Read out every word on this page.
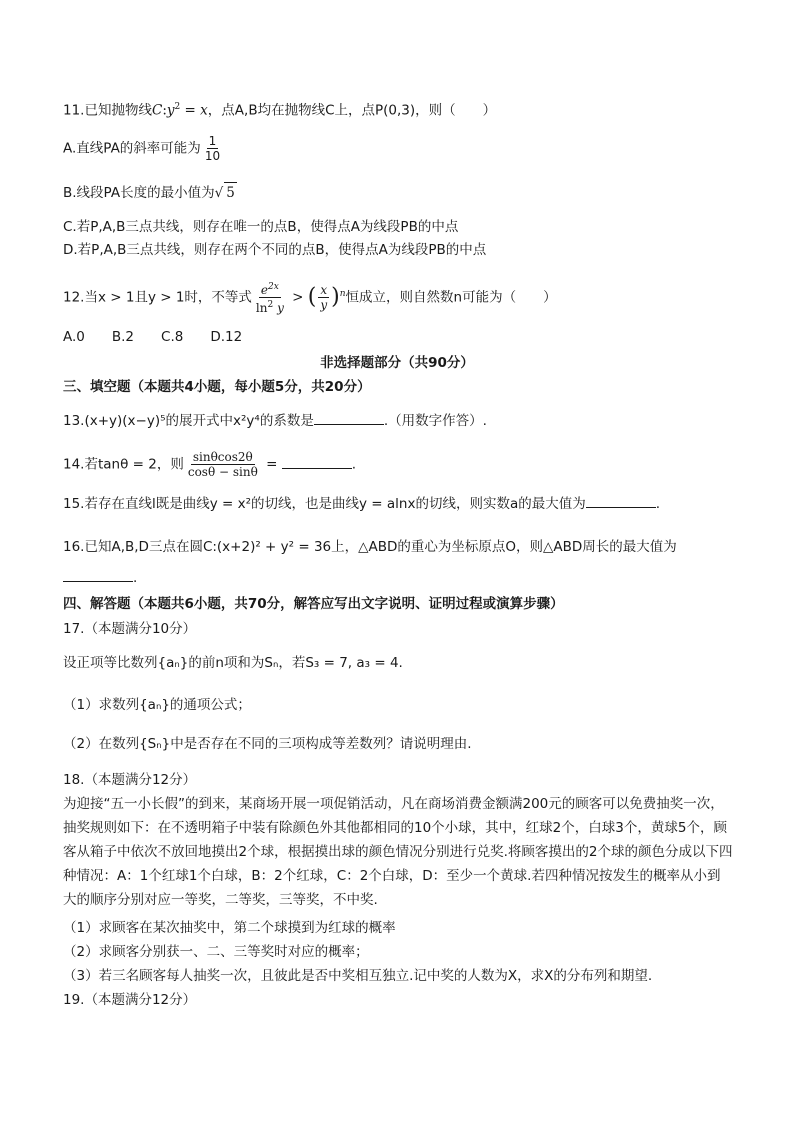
11.已知抛物线$C:y^2 = x$，点A,B均在抛物线C上，点P(0,3)，则（　　）
A.直线PA的斜率可能为 $\frac{1}{10}$
B.线段PA长度的最小值为√ 5
C.若P,A,B三点共线，则存在唯一的点B，使得点A为线段PB的中点
D.若P,A,B三点共线，则存在两个不同的点B，使得点A为线段PB的中点
12.当x > 1且y > 1时，不等式 $\frac{e^{2x}}{\ln^2 y}$ > ( $\frac{x}{y} )^n$恒成立，则自然数n可能为（　　）
A.0　　B.2　　C.8　　D.12
非选择题部分（共90分）
三、填空题（本题共4小题，每小题5分，共20分）
13.(x+y)(x−y)⁵的展开式中x²y⁴的系数是	.（用数字作答）.
14.若tanθ = 2，则 $\frac{\sin\theta\cos 2\theta}{\cos\theta - \sin\theta}$ =	.
15.若存在直线l既是曲线y = x²的切线，也是曲线y = alnx的切线，则实数a的最大值为	.
16.已知A,B,D三点在圆C:(x+2)² + y² = 36上，△ABD的重心为坐标原点O，则△ABD周长的最大值为
.
四、解答题（本题共6小题，共70分，解答应写出文字说明、证明过程或演算步骤）
17.（本题满分10分）
设正项等比数列{aₙ}的前n项和为Sₙ，若S₃ = 7, a₃ = 4.
（1）求数列{aₙ}的通项公式；
（2）在数列{Sₙ}中是否存在不同的三项构成等差数列？请说明理由.
18.（本题满分12分）
为迎接“五一小长假”的到来，某商场开展一项促销活动，凡在商场消费金额满200元的顾客可以免费抽奖一次，抽奖规则如下：在不透明箱子中装有除颜色外其他都相同的10个小球，其中，红球2个，白球3个，黄球5个，顾客从箱子中依次不放回地摸出2个球，根据摸出球的颜色情况分别进行兑奖.将顾客摸出的2个球的颜色分成以下四种情况：A：1个红球1个白球，B：2个红球，C：2个白球，D：至少一个黄球.若四种情况按发生的概率从小到大的顺序分别对应一等奖，二等奖，三等奖，不中奖.
（1）求顾客在某次抽奖中，第二个球摸到为红球的概率
（2）求顾客分别获一、二、三等奖时对应的概率；
（3）若三名顾客每人抽奖一次，且彼此是否中奖相互独立.记中奖的人数为X，求X的分布列和期望.
19.（本题满分12分）
